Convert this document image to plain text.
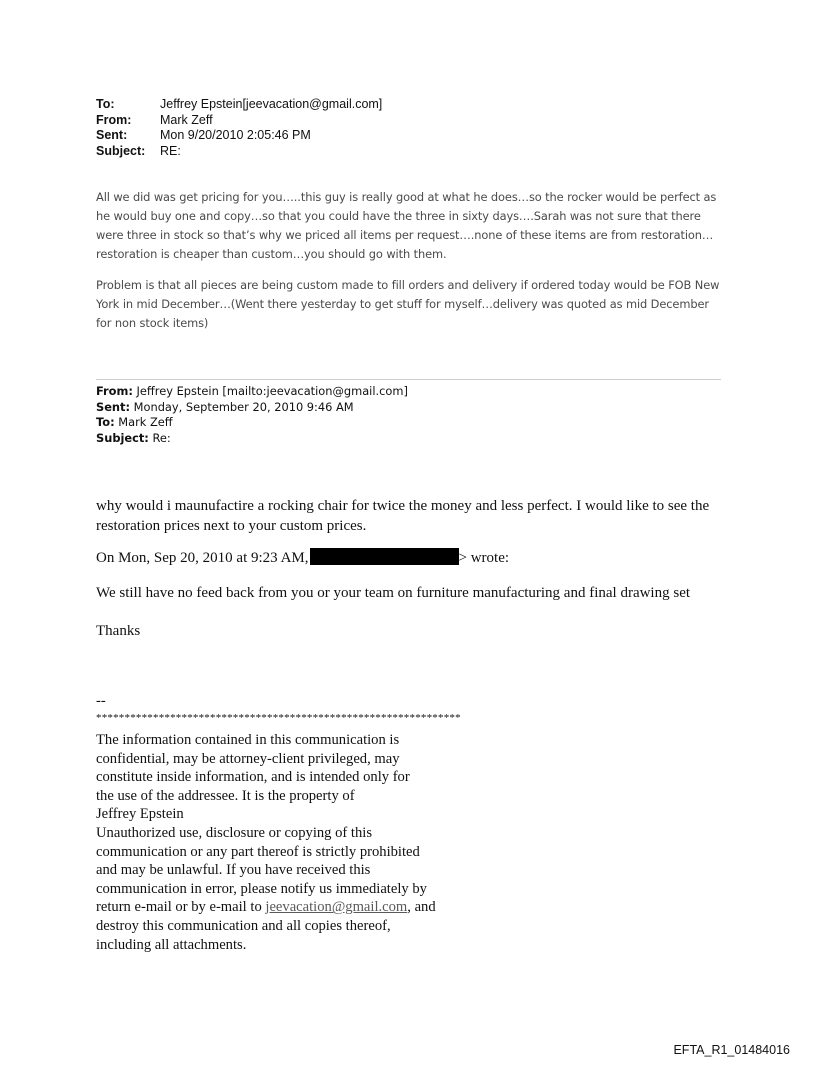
To:	Jeffrey Epstein[jeevacation@gmail.com]
From:	Mark Zeff
Sent:	Mon 9/20/2010 2:05:46 PM
Subject:	RE:

All we did was get pricing for you…..this guy is really good at what he does…so the rocker would be perfect as he would buy one and copy…so that you could have the three in sixty days….Sarah was not sure that there were three in stock so that’s why we priced all items per request….none of these items are from restoration…restoration is cheaper than custom…you should go with them.

Problem is that all pieces are being custom made to fill orders and delivery if ordered today would be FOB New York in mid December…(Went there yesterday to get stuff for myself…delivery was quoted as mid December for non stock items)

From: Jeffrey Epstein [mailto:jeevacation@gmail.com]
Sent: Monday, September 20, 2010 9:46 AM
To: Mark Zeff
Subject: Re:

why would i maunufactire a rocking chair for twice the money and less perfect. I would like to see the restoration prices next to your custom prices.

On Mon, Sep 20, 2010 at 9:23 AM,	> wrote:

We still have no feed back from you or your team on furniture manufacturing and final drawing set

Thanks

--

****************************************************************

The information contained in this communication is
confidential, may be attorney-client privileged, may
constitute inside information, and is intended only for
the use of the addressee. It is the property of
Jeffrey Epstein
Unauthorized use, disclosure or copying of this
communication or any part thereof is strictly prohibited
and may be unlawful. If you have received this
communication in error, please notify us immediately by
return e-mail or by e-mail to jeevacation@gmail.com, and
destroy this communication and all copies thereof,
including all attachments.
EFTA_R1_01484016
